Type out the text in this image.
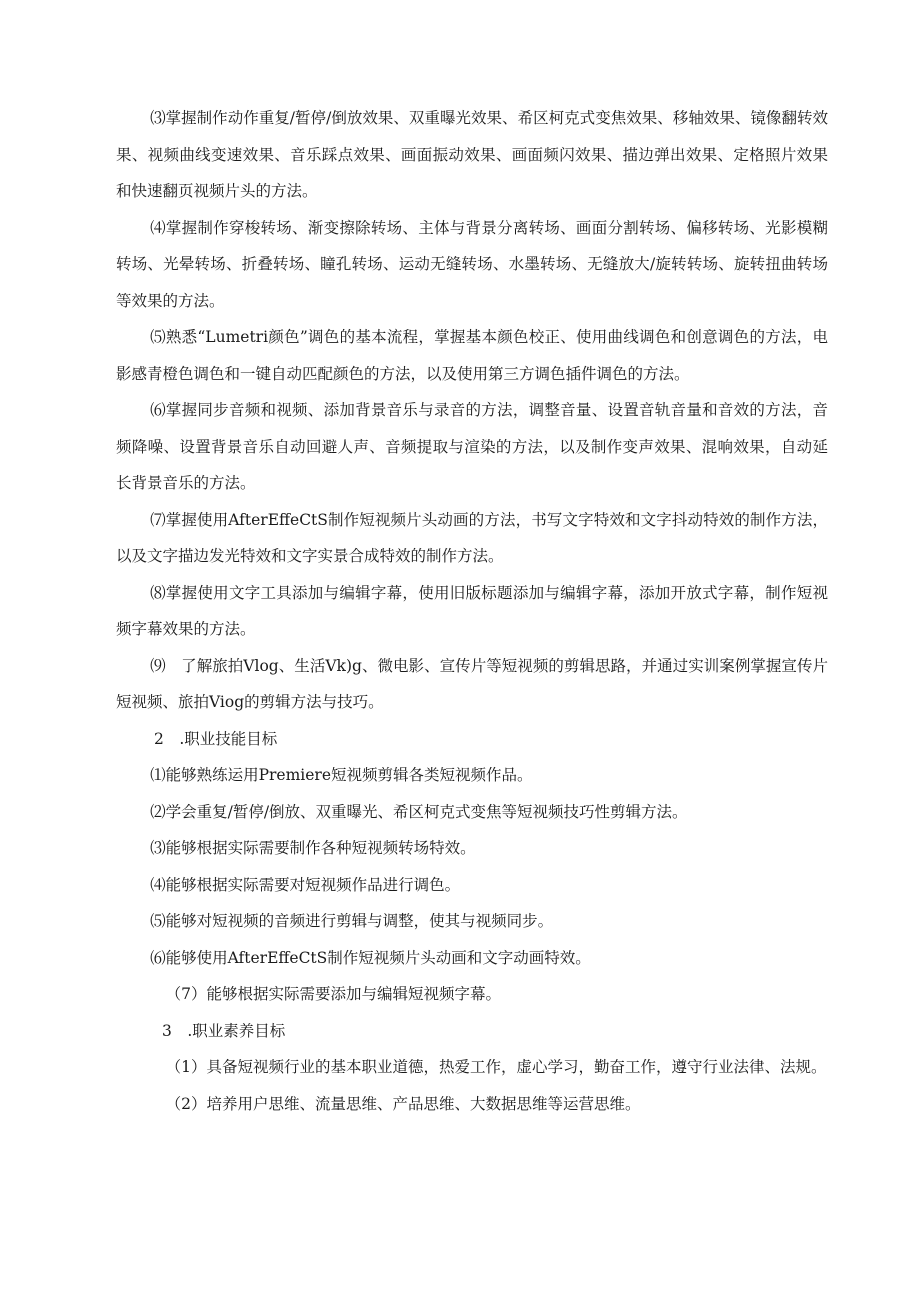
⑶掌握制作动作重复/暂停/倒放效果、双重曝光效果、希区柯克式变焦效果、移轴效果、镜像翻转效果、视频曲线变速效果、音乐踩点效果、画面振动效果、画面频闪效果、描边弹出效果、定格照片效果和快速翻页视频片头的方法。

⑷掌握制作穿梭转场、渐变擦除转场、主体与背景分离转场、画面分割转场、偏移转场、光影模糊转场、光晕转场、折叠转场、瞳孔转场、运动无缝转场、水墨转场、无缝放大/旋转转场、旋转扭曲转场等效果的方法。

⑸熟悉“Lumetri颜色”调色的基本流程，掌握基本颜色校正、使用曲线调色和创意调色的方法，电影感青橙色调色和一键自动匹配颜色的方法，以及使用第三方调色插件调色的方法。

⑹掌握同步音频和视频、添加背景音乐与录音的方法，调整音量、设置音轨音量和音效的方法，音频降噪、设置背景音乐自动回避人声、音频提取与渲染的方法，以及制作变声效果、混响效果，自动延长背景音乐的方法。

⑺掌握使用AfterEffeCtS制作短视频片头动画的方法，书写文字特效和文字抖动特效的制作方法，以及文字描边发光特效和文字实景合成特效的制作方法。

⑻掌握使用文字工具添加与编辑字幕，使用旧版标题添加与编辑字幕，添加开放式字幕，制作短视频字幕效果的方法。

⑼　了解旅拍Vlog、生活Vk)g、微电影、宣传片等短视频的剪辑思路，并通过实训案例掌握宣传片短视频、旅拍Viog的剪辑方法与技巧。

2　.职业技能目标

⑴能够熟练运用Premiere短视频剪辑各类短视频作品。

⑵学会重复/暂停/倒放、双重曝光、希区柯克式变焦等短视频技巧性剪辑方法。

⑶能够根据实际需要制作各种短视频转场特效。

⑷能够根据实际需要对短视频作品进行调色。

⑸能够对短视频的音频进行剪辑与调整，使其与视频同步。

⑹能够使用AfterEffeCtS制作短视频片头动画和文字动画特效。

（7）能够根据实际需要添加与编辑短视频字幕。

3　.职业素养目标

（1）具备短视频行业的基本职业道德，热爱工作，虚心学习，勤奋工作，遵守行业法律、法规。

（2）培养用户思维、流量思维、产品思维、大数据思维等运营思维。
